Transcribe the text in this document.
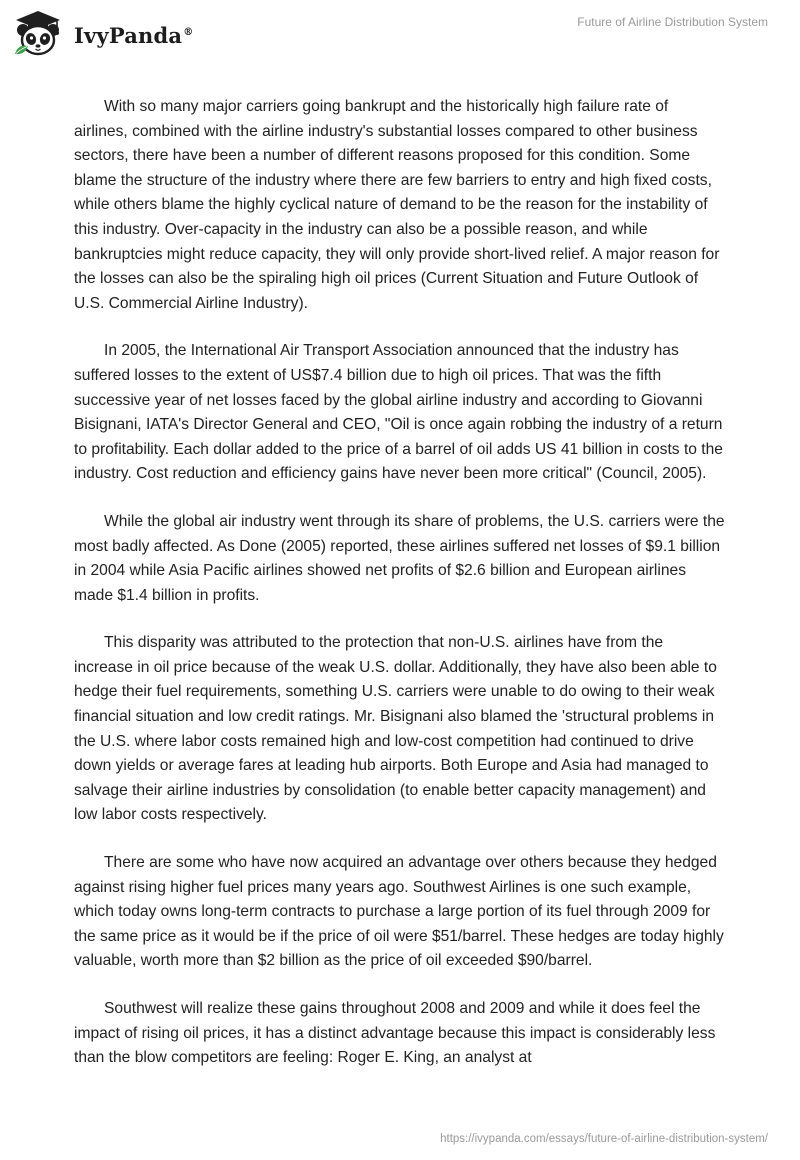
IvyPanda®
Future of Airline Distribution System

With so many major carriers going bankrupt and the historically high failure rate of airlines, combined with the airline industry's substantial losses compared to other business sectors, there have been a number of different reasons proposed for this condition. Some blame the structure of the industry where there are few barriers to entry and high fixed costs, while others blame the highly cyclical nature of demand to be the reason for the instability of this industry. Over-capacity in the industry can also be a possible reason, and while bankruptcies might reduce capacity, they will only provide short-lived relief. A major reason for the losses can also be the spiraling high oil prices (Current Situation and Future Outlook of U.S. Commercial Airline Industry).

In 2005, the International Air Transport Association announced that the industry has suffered losses to the extent of US$7.4 billion due to high oil prices. That was the fifth successive year of net losses faced by the global airline industry and according to Giovanni Bisignani, IATA's Director General and CEO, "Oil is once again robbing the industry of a return to profitability. Each dollar added to the price of a barrel of oil adds US 41 billion in costs to the industry. Cost reduction and efficiency gains have never been more critical" (Council, 2005).

While the global air industry went through its share of problems, the U.S. carriers were the most badly affected. As Done (2005) reported, these airlines suffered net losses of $9.1 billion in 2004 while Asia Pacific airlines showed net profits of $2.6 billion and European airlines made $1.4 billion in profits.

This disparity was attributed to the protection that non-U.S. airlines have from the increase in oil price because of the weak U.S. dollar. Additionally, they have also been able to hedge their fuel requirements, something U.S. carriers were unable to do owing to their weak financial situation and low credit ratings. Mr. Bisignani also blamed the 'structural problems in the U.S. where labor costs remained high and low-cost competition had continued to drive down yields or average fares at leading hub airports. Both Europe and Asia had managed to salvage their airline industries by consolidation (to enable better capacity management) and low labor costs respectively.

There are some who have now acquired an advantage over others because they hedged against rising higher fuel prices many years ago. Southwest Airlines is one such example, which today owns long-term contracts to purchase a large portion of its fuel through 2009 for the same price as it would be if the price of oil were $51/barrel. These hedges are today highly valuable, worth more than $2 billion as the price of oil exceeded $90/barrel.

Southwest will realize these gains throughout 2008 and 2009 and while it does feel the impact of rising oil prices, it has a distinct advantage because this impact is considerably less than the blow competitors are feeling: Roger E. King, an analyst at

https://ivypanda.com/essays/future-of-airline-distribution-system/
